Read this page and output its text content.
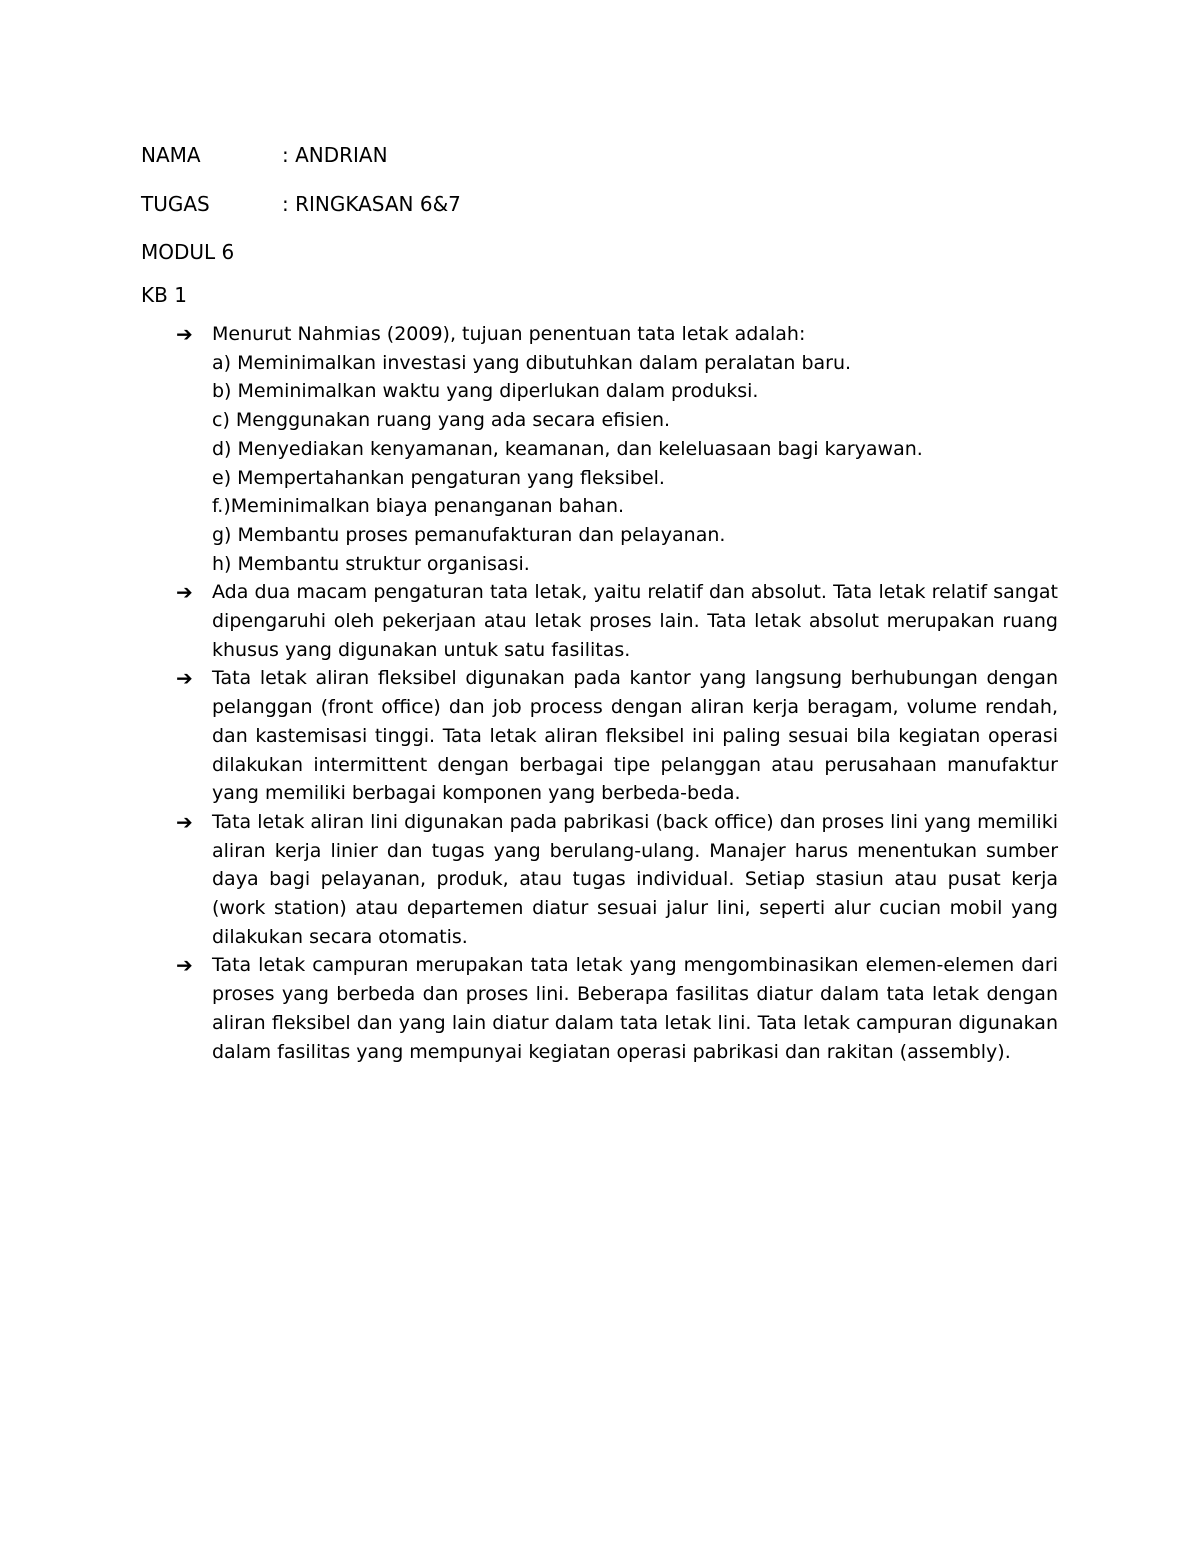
NAMA	: ANDRIAN
TUGAS	: RINGKASAN 6&7
MODUL 6
KB 1
➔	Menurut Nahmias (2009), tujuan penentuan tata letak adalah:
a) Meminimalkan investasi yang dibutuhkan dalam peralatan baru.
b) Meminimalkan waktu yang diperlukan dalam produksi.
c) Menggunakan ruang yang ada secara efisien.
d) Menyediakan kenyamanan, keamanan, dan keleluasaan bagi karyawan.
e) Mempertahankan pengaturan yang fleksibel.
f.)Meminimalkan biaya penanganan bahan.
g) Membantu proses pemanufakturan dan pelayanan.
h) Membantu struktur organisasi.
➔	Ada dua macam pengaturan tata letak, yaitu relatif dan absolut. Tata letak relatif sangat dipengaruhi oleh pekerjaan atau letak proses lain. Tata letak absolut merupakan ruang khusus yang digunakan untuk satu fasilitas.
➔	Tata letak aliran fleksibel digunakan pada kantor yang langsung berhubungan dengan pelanggan (front office) dan job process dengan aliran kerja beragam, volume rendah, dan kastemisasi tinggi. Tata letak aliran fleksibel ini paling sesuai bila kegiatan operasi dilakukan intermittent dengan berbagai tipe pelanggan atau perusahaan manufaktur yang memiliki berbagai komponen yang berbeda-beda.
➔	Tata letak aliran lini digunakan pada pabrikasi (back office) dan proses lini yang memiliki aliran kerja linier dan tugas yang berulang-ulang. Manajer harus menentukan sumber daya bagi pelayanan, produk, atau tugas individual. Setiap stasiun atau pusat kerja (work station) atau departemen diatur sesuai jalur lini, seperti alur cucian mobil yang dilakukan secara otomatis.
➔	Tata letak campuran merupakan tata letak yang mengombinasikan elemen-elemen dari proses yang berbeda dan proses lini. Beberapa fasilitas diatur dalam tata letak dengan aliran fleksibel dan yang lain diatur dalam tata letak lini. Tata letak campuran digunakan dalam fasilitas yang mempunyai kegiatan operasi pabrikasi dan rakitan (assembly).
